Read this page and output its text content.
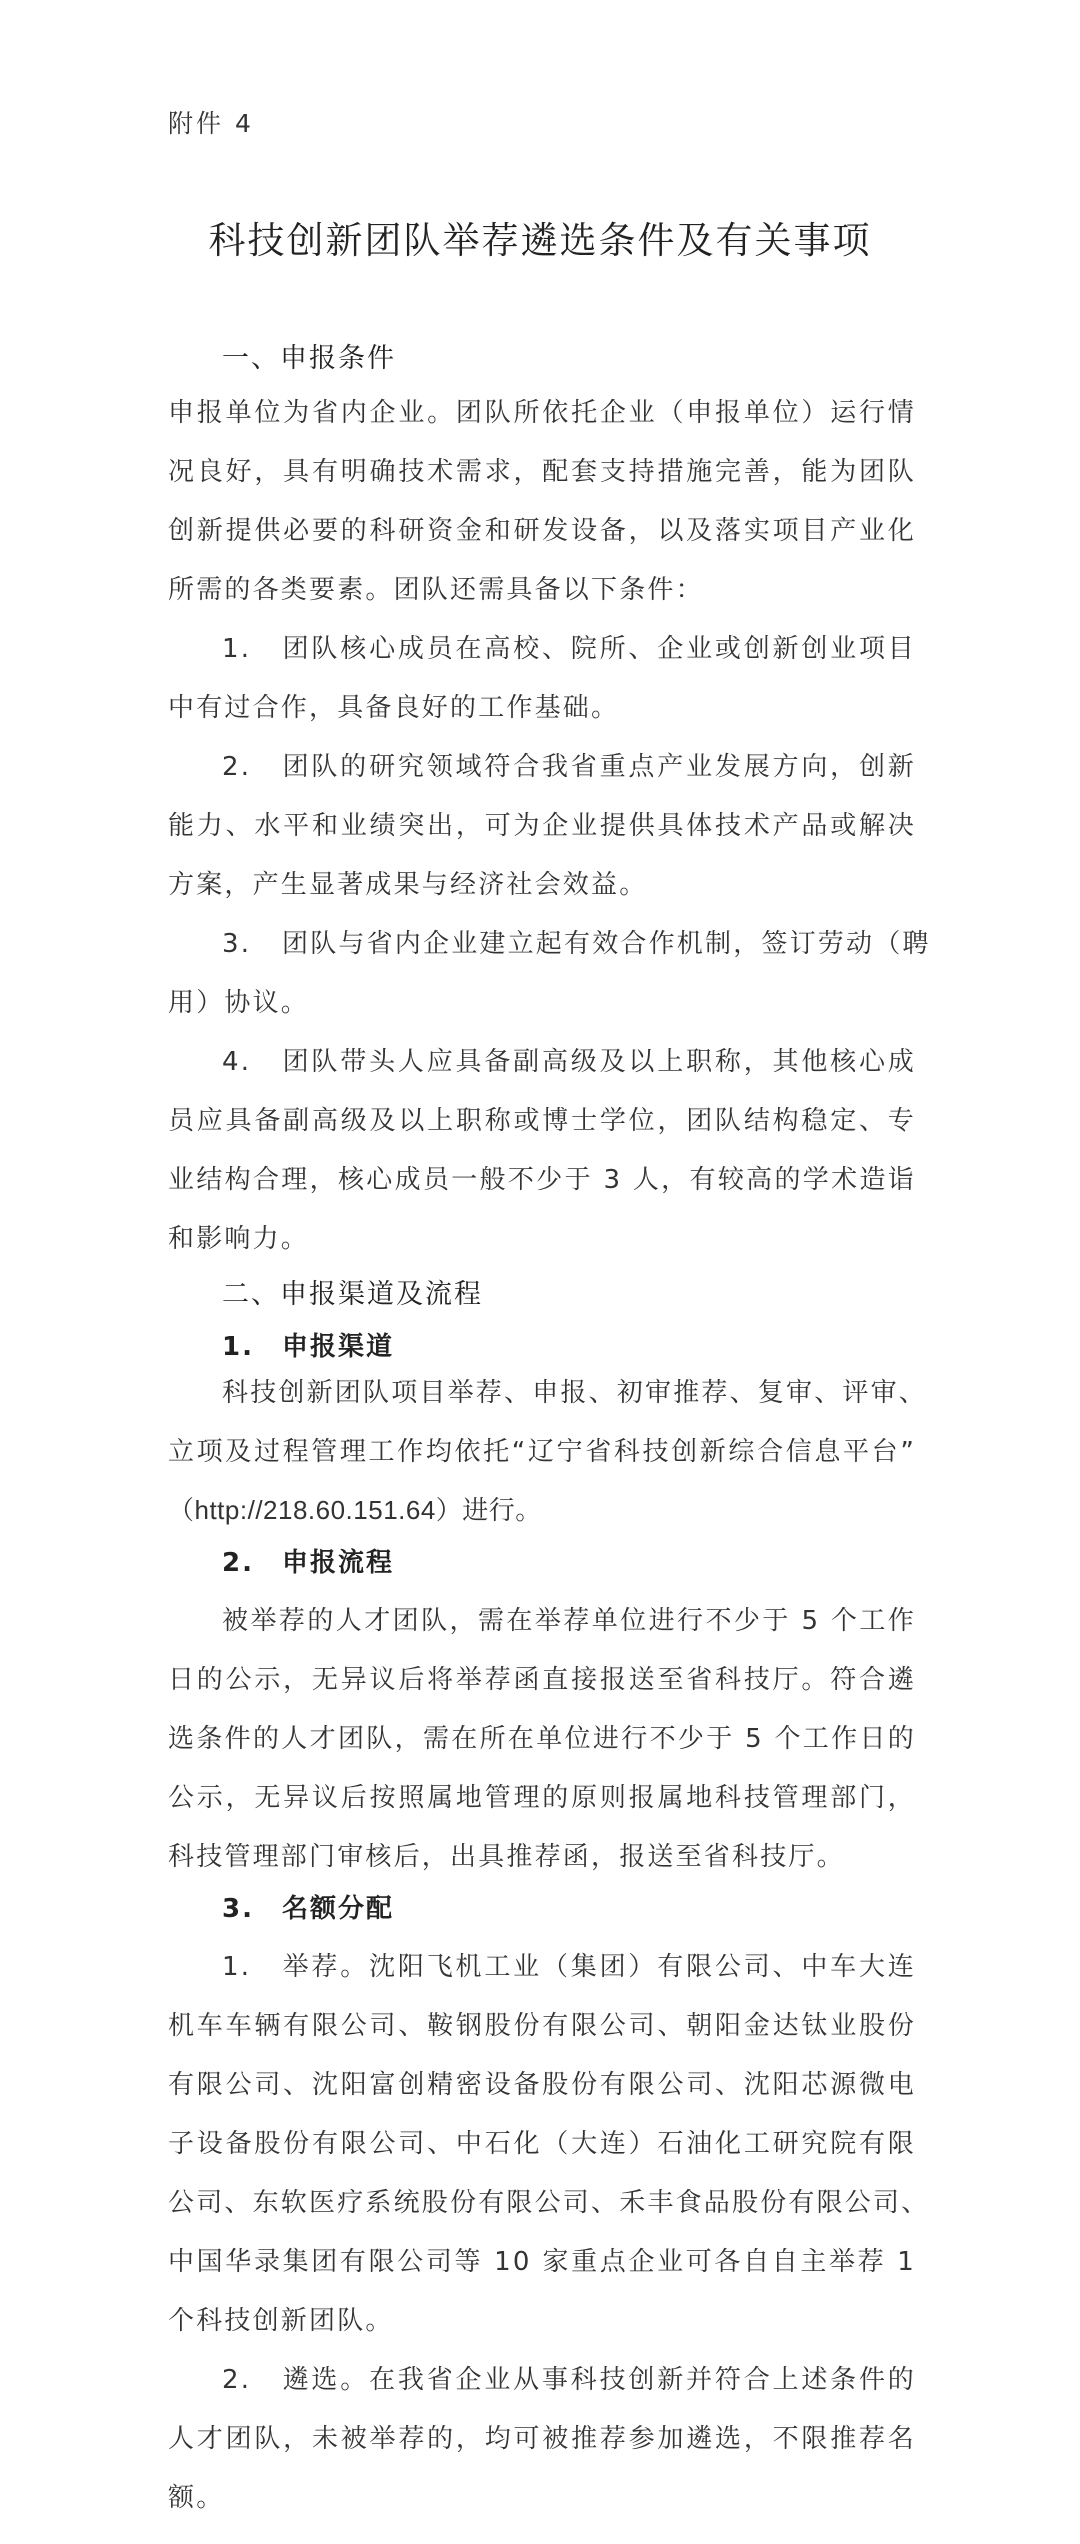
附件 4
科技创新团队举荐遴选条件及有关事项
一、申报条件
申报单位为省内企业。团队所依托企业（申报单位）运行情
况良好，具有明确技术需求，配套支持措施完善，能为团队
创新提供必要的科研资金和研发设备，以及落实项目产业化
所需的各类要素。团队还需具备以下条件：
1. 团队核心成员在高校、院所、企业或创新创业项目
中有过合作，具备良好的工作基础。
2. 团队的研究领域符合我省重点产业发展方向，创新
能力、水平和业绩突出，可为企业提供具体技术产品或解决
方案，产生显著成果与经济社会效益。
3. 团队与省内企业建立起有效合作机制，签订劳动（聘
用）协议。
4. 团队带头人应具备副高级及以上职称，其他核心成
员应具备副高级及以上职称或博士学位，团队结构稳定、专
业结构合理，核心成员一般不少于 3 人，有较高的学术造诣
和影响力。
二、申报渠道及流程
1. 申报渠道
科技创新团队项目举荐、申报、初审推荐、复审、评审、
立项及过程管理工作均依托“辽宁省科技创新综合信息平台”
（http://218.60.151.64）进行。
2. 申报流程
被举荐的人才团队，需在举荐单位进行不少于 5 个工作
日的公示，无异议后将举荐函直接报送至省科技厅。符合遴
选条件的人才团队，需在所在单位进行不少于 5 个工作日的
公示，无异议后按照属地管理的原则报属地科技管理部门，
科技管理部门审核后，出具推荐函，报送至省科技厅。
3. 名额分配
1. 举荐。沈阳飞机工业（集团）有限公司、中车大连
机车车辆有限公司、鞍钢股份有限公司、朝阳金达钛业股份
有限公司、沈阳富创精密设备股份有限公司、沈阳芯源微电
子设备股份有限公司、中石化（大连）石油化工研究院有限
公司、东软医疗系统股份有限公司、禾丰食品股份有限公司、
中国华录集团有限公司等 10 家重点企业可各自自主举荐 1
个科技创新团队。
2. 遴选。在我省企业从事科技创新并符合上述条件的
人才团队，未被举荐的，均可被推荐参加遴选，不限推荐名
额。
